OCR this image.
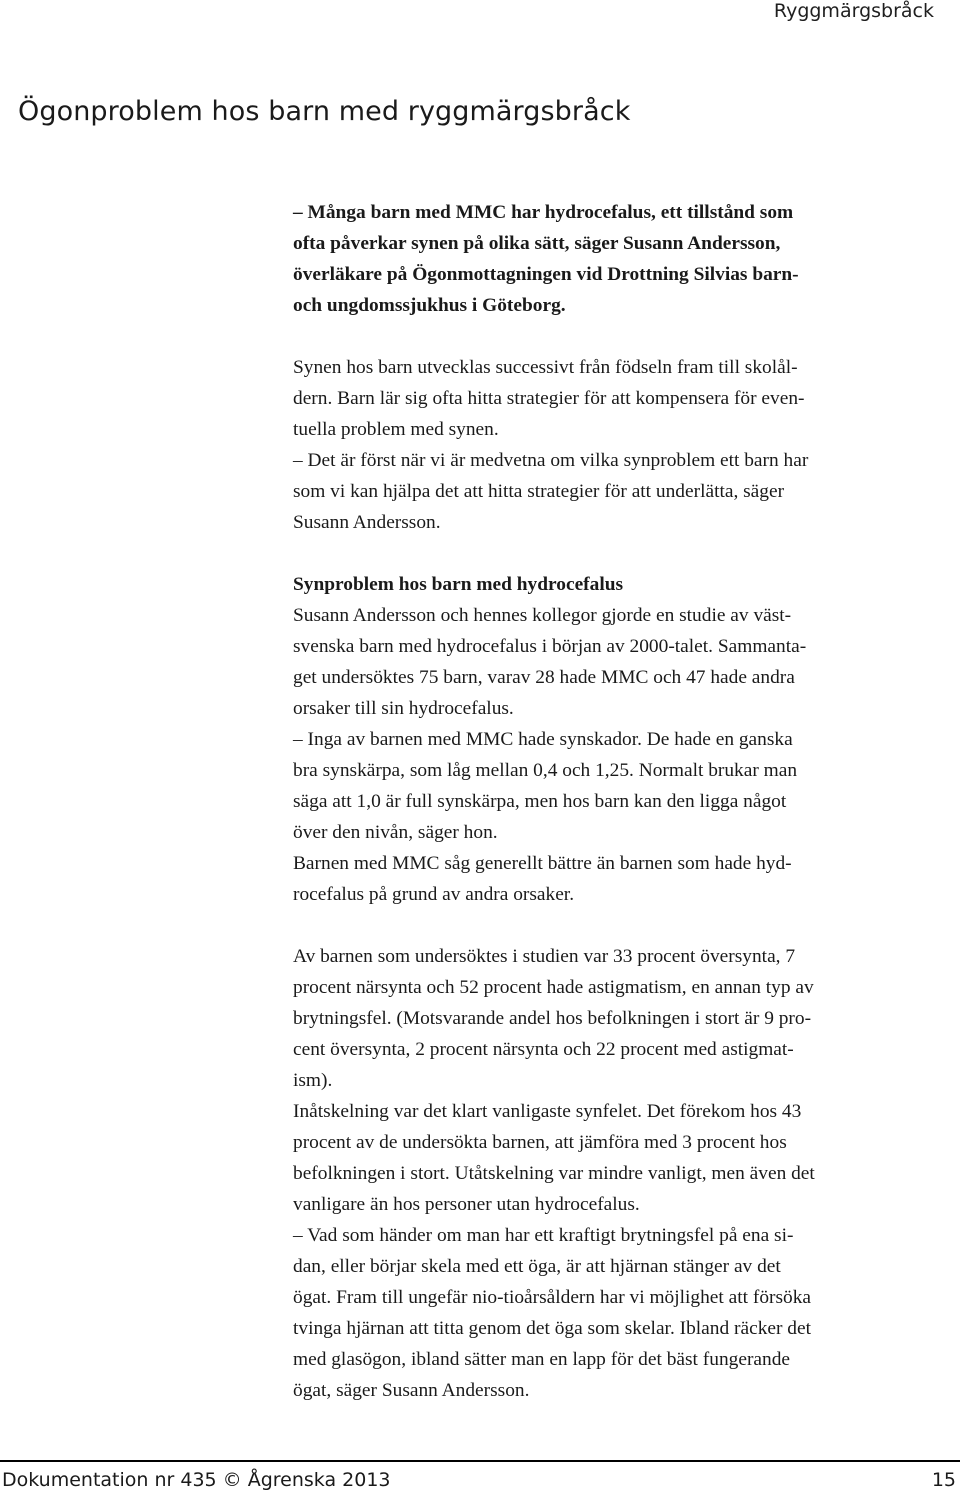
Ryggmärgsbråck
Ögonproblem hos barn med ryggmärgsbråck

– Många barn med MMC har hydrocefalus, ett tillstånd som
ofta påverkar synen på olika sätt, säger Susann Andersson,
överläkare på Ögonmottagningen vid Drottning Silvias barn-
och ungdomssjukhus i Göteborg.

Synen hos barn utvecklas successivt från födseln fram till skolål-
dern. Barn lär sig ofta hitta strategier för att kompensera för even-
tuella problem med synen.

– Det är först när vi är medvetna om vilka synproblem ett barn har
som vi kan hjälpa det att hitta strategier för att underlätta, säger
Susann Andersson.

Synproblem hos barn med hydrocefalus

Susann Andersson och hennes kollegor gjorde en studie av väst-
svenska barn med hydrocefalus i början av 2000-talet. Sammanta-
get undersöktes 75 barn, varav 28 hade MMC och 47 hade andra
orsaker till sin hydrocefalus.

– Inga av barnen med MMC hade synskador. De hade en ganska
bra synskärpa, som låg mellan 0,4 och 1,25. Normalt brukar man
säga att 1,0 är full synskärpa, men hos barn kan den ligga något
över den nivån, säger hon.

Barnen med MMC såg generellt bättre än barnen som hade hyd-
rocefalus på grund av andra orsaker.

Av barnen som undersöktes i studien var 33 procent översynta, 7
procent närsynta och 52 procent hade astigmatism, en annan typ av
brytningsfel. (Motsvarande andel hos befolkningen i stort är 9 pro-
cent översynta, 2 procent närsynta och 22 procent med astigmat-
ism).

Inåtskelning var det klart vanligaste synfelet. Det förekom hos 43
procent av de undersökta barnen, att jämföra med 3 procent hos
befolkningen i stort. Utåtskelning var mindre vanligt, men även det
vanligare än hos personer utan hydrocefalus.

– Vad som händer om man har ett kraftigt brytningsfel på ena si-
dan, eller börjar skela med ett öga, är att hjärnan stänger av det
ögat. Fram till ungefär nio-tioårsåldern har vi möjlighet att försöka
tvinga hjärnan att titta genom det öga som skelar. Ibland räcker det
med glasögon, ibland sätter man en lapp för det bäst fungerande
ögat, säger Susann Andersson.

Dokumentation nr 435 © Ågrenska 2013	15
